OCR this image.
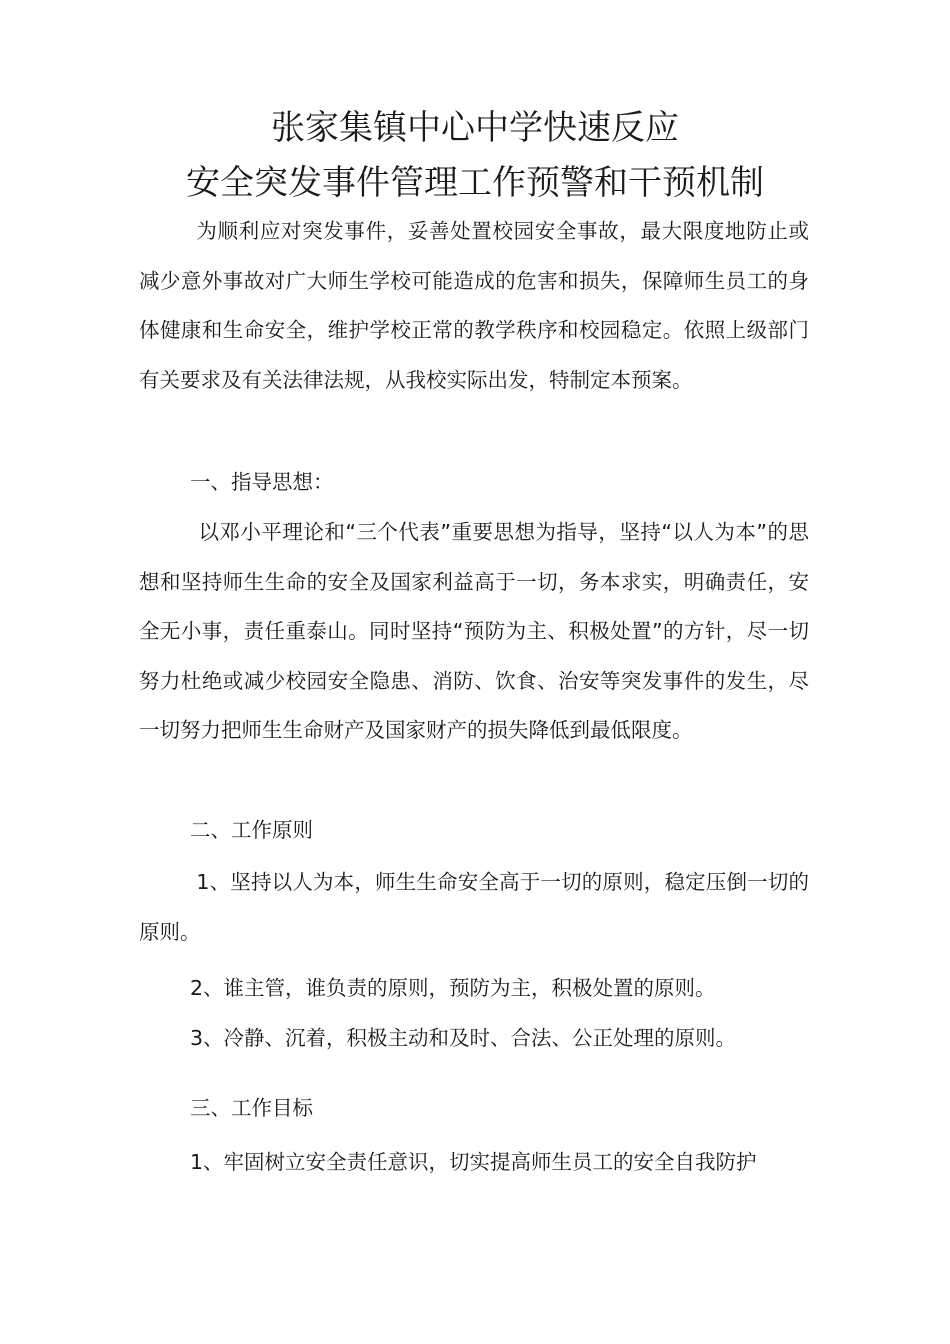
张家集镇中心中学快速反应
安全突发事件管理工作预警和干预机制

为顺利应对突发事件，妥善处置校园安全事故，最大限度地防止或减少意外事故对广大师生学校可能造成的危害和损失，保障师生员工的身体健康和生命安全，维护学校正常的教学秩序和校园稳定。依照上级部门有关要求及有关法律法规，从我校实际出发，特制定本预案。

一、指导思想：

以邓小平理论和“三个代表”重要思想为指导，坚持“以人为本”的思想和坚持师生生命的安全及国家利益高于一切，务本求实，明确责任，安全无小事，责任重泰山。同时坚持“预防为主、积极处置”的方针，尽一切努力杜绝或减少校园安全隐患、消防、饮食、治安等突发事件的发生，尽一切努力把师生生命财产及国家财产的损失降低到最低限度。

二、工作原则

1、坚持以人为本，师生生命安全高于一切的原则，稳定压倒一切的原则。

2、谁主管，谁负责的原则，预防为主，积极处置的原则。

3、冷静、沉着，积极主动和及时、合法、公正处理的原则。

三、工作目标

1、牢固树立安全责任意识，切实提高师生员工的安全自我防护
